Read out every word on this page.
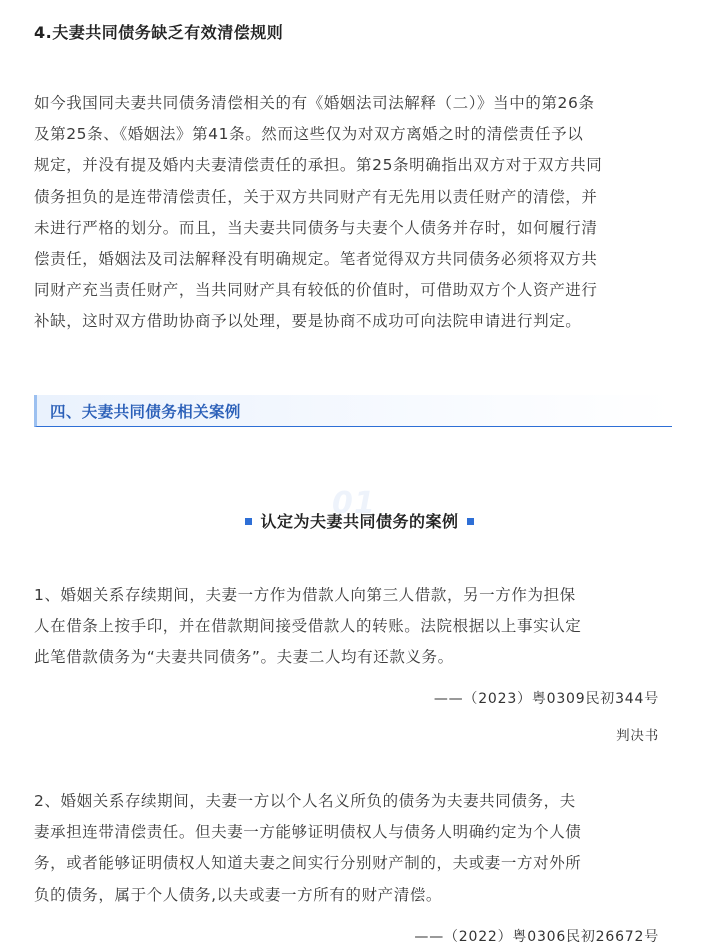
4.夫妻共同债务缺乏有效清偿规则
如今我国同夫妻共同债务清偿相关的有《婚姻法司法解释（二）》当中的第26条
及第25条、《婚姻法》第41条。然而这些仅为对双方离婚之时的清偿责任予以
规定，并没有提及婚内夫妻清偿责任的承担。第25条明确指出双方对于双方共同
债务担负的是连带清偿责任，关于双方共同财产有无先用以责任财产的清偿，并
未进行严格的划分。而且，当夫妻共同债务与夫妻个人债务并存时，如何履行清
偿责任，婚姻法及司法解释没有明确规定。笔者觉得双方共同债务必须将双方共
同财产充当责任财产，当共同财产具有较低的价值时，可借助双方个人资产进行
补缺，这时双方借助协商予以处理，要是协商不成功可向法院申请进行判定。
四、夫妻共同债务相关案例
01
认定为夫妻共同债务的案例
1、婚姻关系存续期间，夫妻一方作为借款人向第三人借款，另一方作为担保
人在借条上按手印，并在借款期间接受借款人的转账。法院根据以上事实认定
此笔借款债务为“夫妻共同债务”。夫妻二人均有还款义务。
——（2023）粤0309民初344号
判决书
2、婚姻关系存续期间，夫妻一方以个人名义所负的债务为夫妻共同债务，夫
妻承担连带清偿责任。但夫妻一方能够证明债权人与债务人明确约定为个人债
务，或者能够证明债权人知道夫妻之间实行分别财产制的，夫或妻一方对外所
负的债务，属于个人债务,以夫或妻一方所有的财产清偿。
——（2022）粤0306民初26672号
